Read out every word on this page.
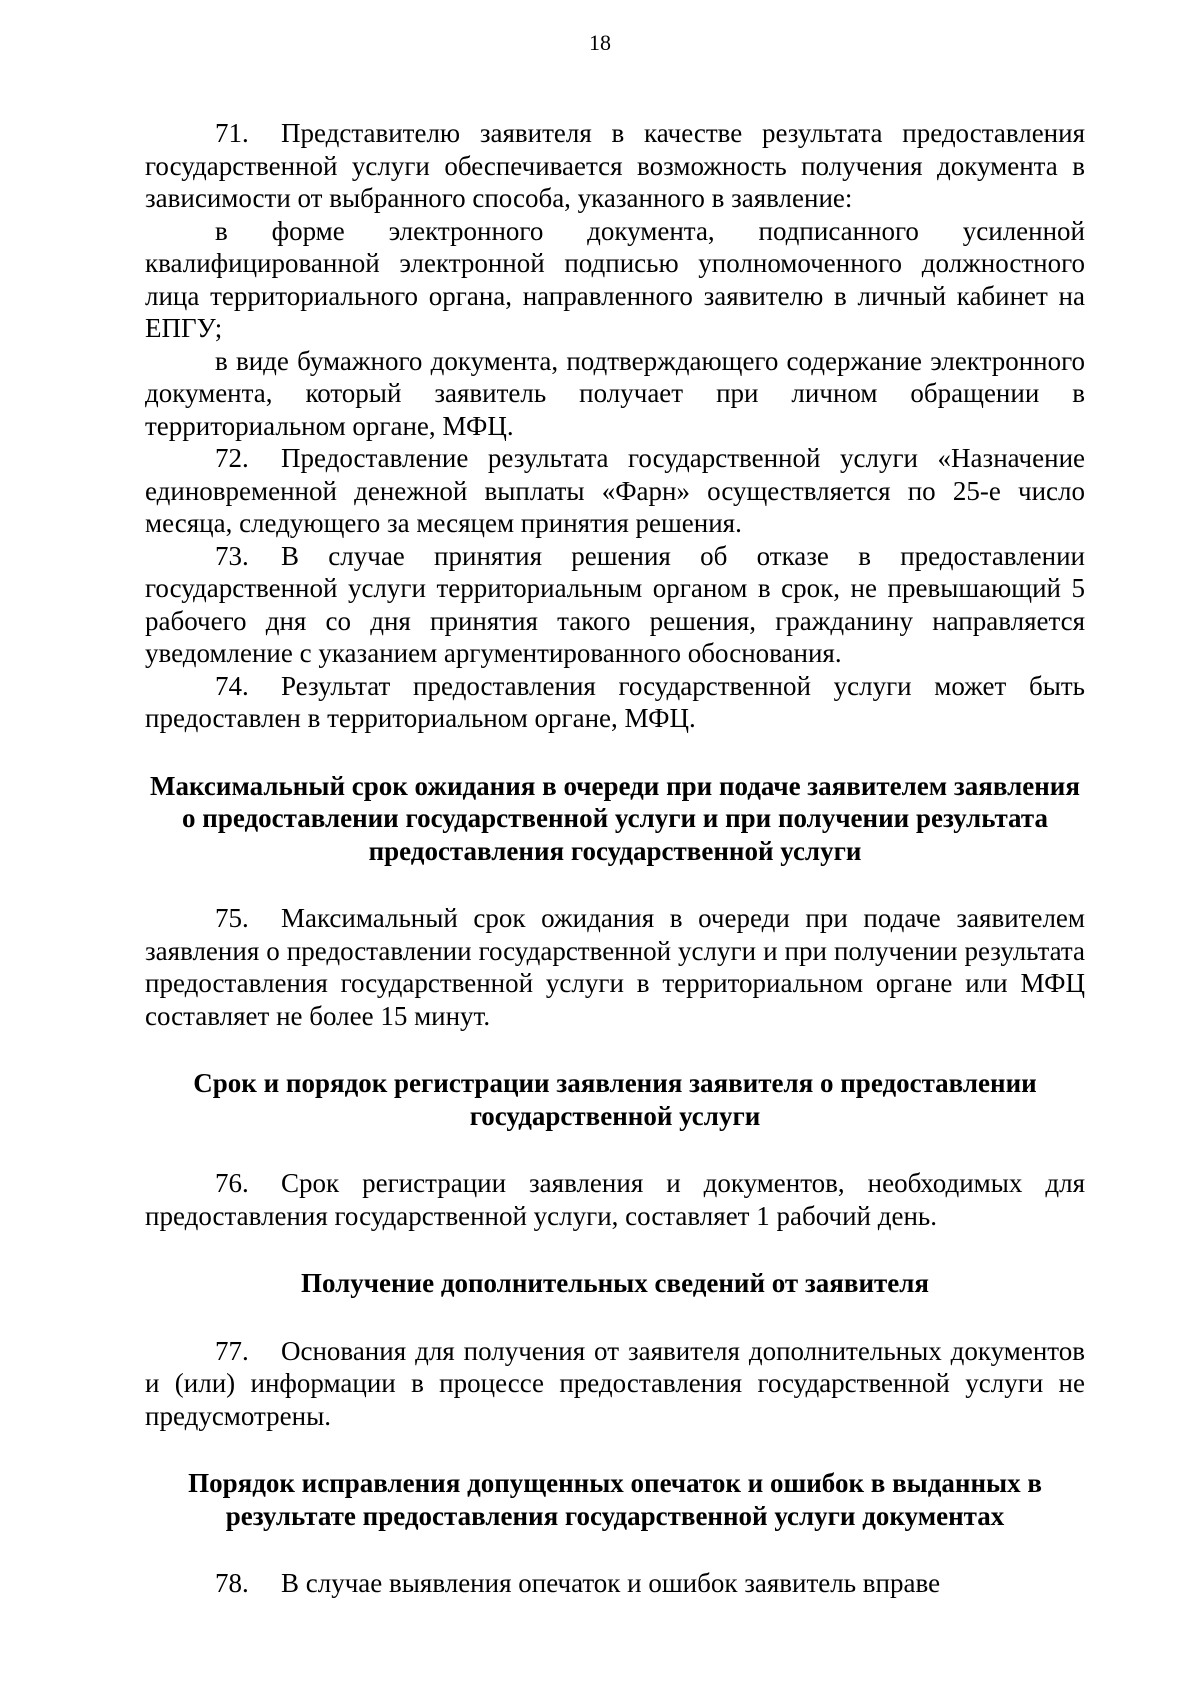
18

71. Представителю заявителя в качестве результата предоставления государственной услуги обеспечивается возможность получения документа в зависимости от выбранного способа, указанного в заявление:

в форме электронного документа, подписанного усиленной квалифицированной электронной подписью уполномоченного должностного лица территориального органа, направленного заявителю в личный кабинет на ЕПГУ;

в виде бумажного документа, подтверждающего содержание электронного документа, который заявитель получает при личном обращении в территориальном органе, МФЦ.

72. Предоставление результата государственной услуги «Назначение единовременной денежной выплаты «Фарн» осуществляется по 25-е число месяца, следующего за месяцем принятия решения.

73. В случае принятия решения об отказе в предоставлении государственной услуги территориальным органом в срок, не превышающий 5 рабочего дня со дня принятия такого решения, гражданину направляется уведомление с указанием аргументированного обоснования.

74. Результат предоставления государственной услуги может быть предоставлен в территориальном органе, МФЦ.

Максимальный срок ожидания в очереди при подаче заявителем заявления о предоставлении государственной услуги и при получении результата предоставления государственной услуги

75. Максимальный срок ожидания в очереди при подаче заявителем заявления о предоставлении государственной услуги и при получении результата предоставления государственной услуги в территориальном органе или МФЦ составляет не более 15 минут.

Срок и порядок регистрации заявления заявителя о предоставлении государственной услуги

76. Срок регистрации заявления и документов, необходимых для предоставления государственной услуги, составляет 1 рабочий день.

Получение дополнительных сведений от заявителя

77. Основания для получения от заявителя дополнительных документов и (или) информации в процессе предоставления государственной услуги не предусмотрены.

Порядок исправления допущенных опечаток и ошибок в выданных в результате предоставления государственной услуги документах

78. В случае выявления опечаток и ошибок заявитель вправе
